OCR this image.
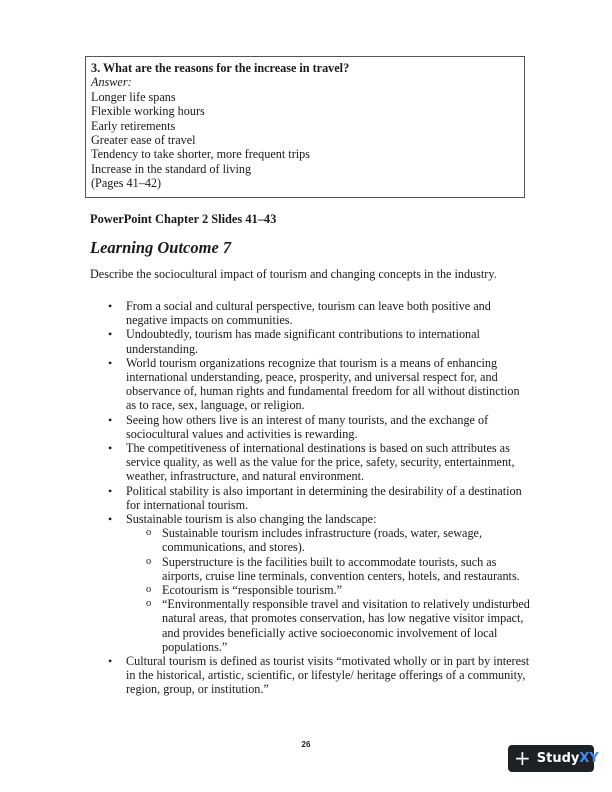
3. What are the reasons for the increase in travel?
Answer:
Longer life spans
Flexible working hours
Early retirements
Greater ease of travel
Tendency to take shorter, more frequent trips
Increase in the standard of living
(Pages 41–42)
PowerPoint Chapter 2 Slides 41–43
Learning Outcome 7
Describe the sociocultural impact of tourism and changing concepts in the industry.
• From a social and cultural perspective, tourism can leave both positive and negative impacts on communities.
• Undoubtedly, tourism has made significant contributions to international understanding.
• World tourism organizations recognize that tourism is a means of enhancing international understanding, peace, prosperity, and universal respect for, and observance of, human rights and fundamental freedom for all without distinction as to race, sex, language, or religion.
• Seeing how others live is an interest of many tourists, and the exchange of sociocultural values and activities is rewarding.
• The competitiveness of international destinations is based on such attributes as service quality, as well as the value for the price, safety, security, entertainment, weather, infrastructure, and natural environment.
• Political stability is also important in determining the desirability of a destination for international tourism.
• Sustainable tourism is also changing the landscape:
o Sustainable tourism includes infrastructure (roads, water, sewage, communications, and stores).
o Superstructure is the facilities built to accommodate tourists, such as airports, cruise line terminals, convention centers, hotels, and restaurants.
o Ecotourism is “responsible tourism.”
o “Environmentally responsible travel and visitation to relatively undisturbed natural areas, that promotes conservation, has low negative visitor impact, and provides beneficially active socioeconomic involvement of local populations.”
• Cultural tourism is defined as tourist visits “motivated wholly or in part by interest in the historical, artistic, scientific, or lifestyle/ heritage offerings of a community, region, group, or institution.”
26
+ Study XY
